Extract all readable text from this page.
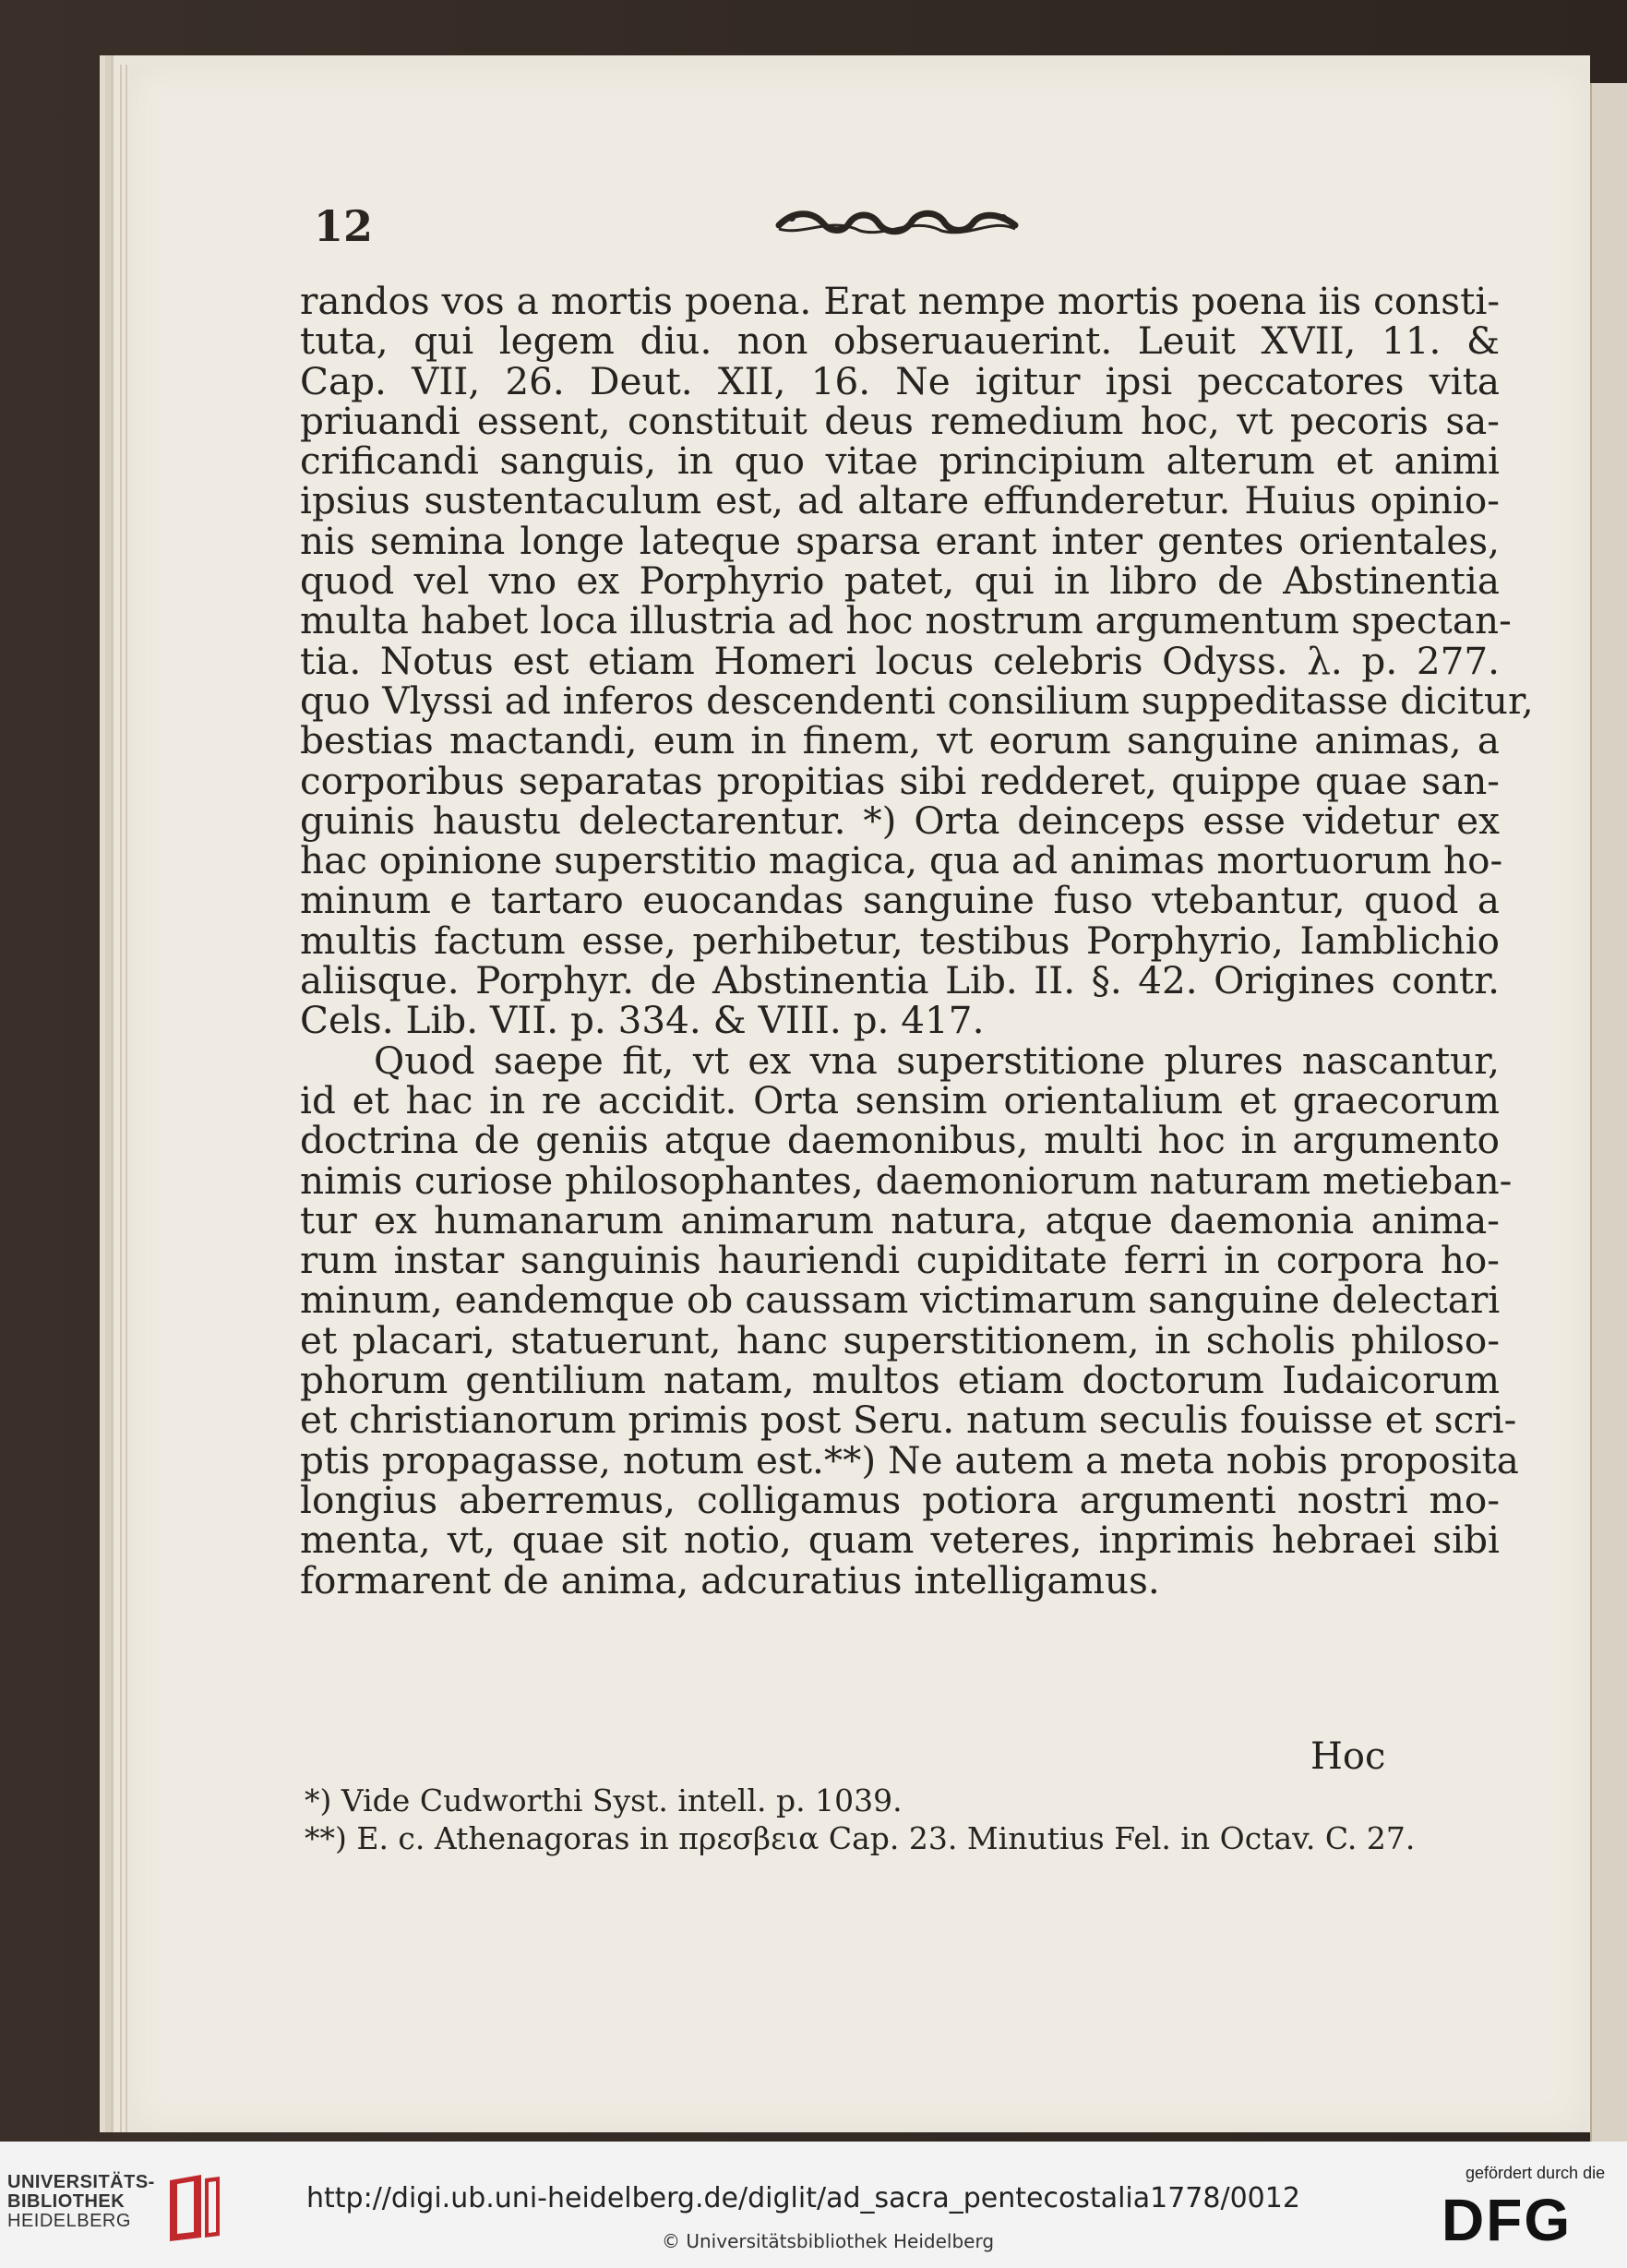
12
randos vos a mortis poena. Erat nempe mortis poena iis consti-
tuta, qui legem diu. non obseruauerint. Leuit XVII, 11. &
Cap. VII, 26. Deut. XII, 16. Ne igitur ipsi peccatores vita
priuandi essent, constituit deus remedium hoc, vt pecoris sa-
crificandi sanguis, in quo vitae principium alterum et animi
ipsius sustentaculum est, ad altare effunderetur. Huius opinio-
nis semina longe lateque sparsa erant inter gentes orientales,
quod vel vno ex Porphyrio patet, qui in libro de Abstinentia
multa habet loca illustria ad hoc nostrum argumentum spectan-
tia. Notus est etiam Homeri locus celebris Odyss. λ. p. 277.
quo Vlyssi ad inferos descendenti consilium suppeditasse dicitur,
bestias mactandi, eum in finem, vt eorum sanguine animas, a
corporibus separatas propitias sibi redderet, quippe quae san-
guinis haustu delectarentur. *) Orta deinceps esse videtur ex
hac opinione superstitio magica, qua ad animas mortuorum ho-
minum e tartaro euocandas sanguine fuso vtebantur, quod a
multis factum esse, perhibetur, testibus Porphyrio, Iamblichio
aliisque. Porphyr. de Abstinentia Lib. II. §. 42. Origines contr.
Cels. Lib. VII. p. 334. & VIII. p. 417.
Quod saepe fit, vt ex vna superstitione plures nascantur,
id et hac in re accidit. Orta sensim orientalium et graecorum
doctrina de geniis atque daemonibus, multi hoc in argumento
nimis curiose philosophantes, daemoniorum naturam metieban-
tur ex humanarum animarum natura, atque daemonia anima-
rum instar sanguinis hauriendi cupiditate ferri in corpora ho-
minum, eandemque ob caussam victimarum sanguine delectari
et placari, statuerunt, hanc superstitionem, in scholis philoso-
phorum gentilium natam, multos etiam doctorum Iudaicorum
et christianorum primis post Seru. natum seculis fouisse et scri-
ptis propagasse, notum est.**) Ne autem a meta nobis proposita
longius aberremus, colligamus potiora argumenti nostri mo-
menta, vt, quae sit notio, quam veteres, inprimis hebraei sibi
formarent de anima, adcuratius intelligamus.
Hoc
*) Vide Cudworthi Syst. intell. p. 1039.
**) E. c. Athenagoras in πρεσβεια Cap. 23. Minutius Fel. in Octav. C. 27.
UNIVERSITÄTS-
BIBLIOTHEK
HEIDELBERG
http://digi.ub.uni-heidelberg.de/diglit/ad_sacra_pentecostalia1778/0012
© Universitätsbibliothek Heidelberg
gefördert durch die
DFG
